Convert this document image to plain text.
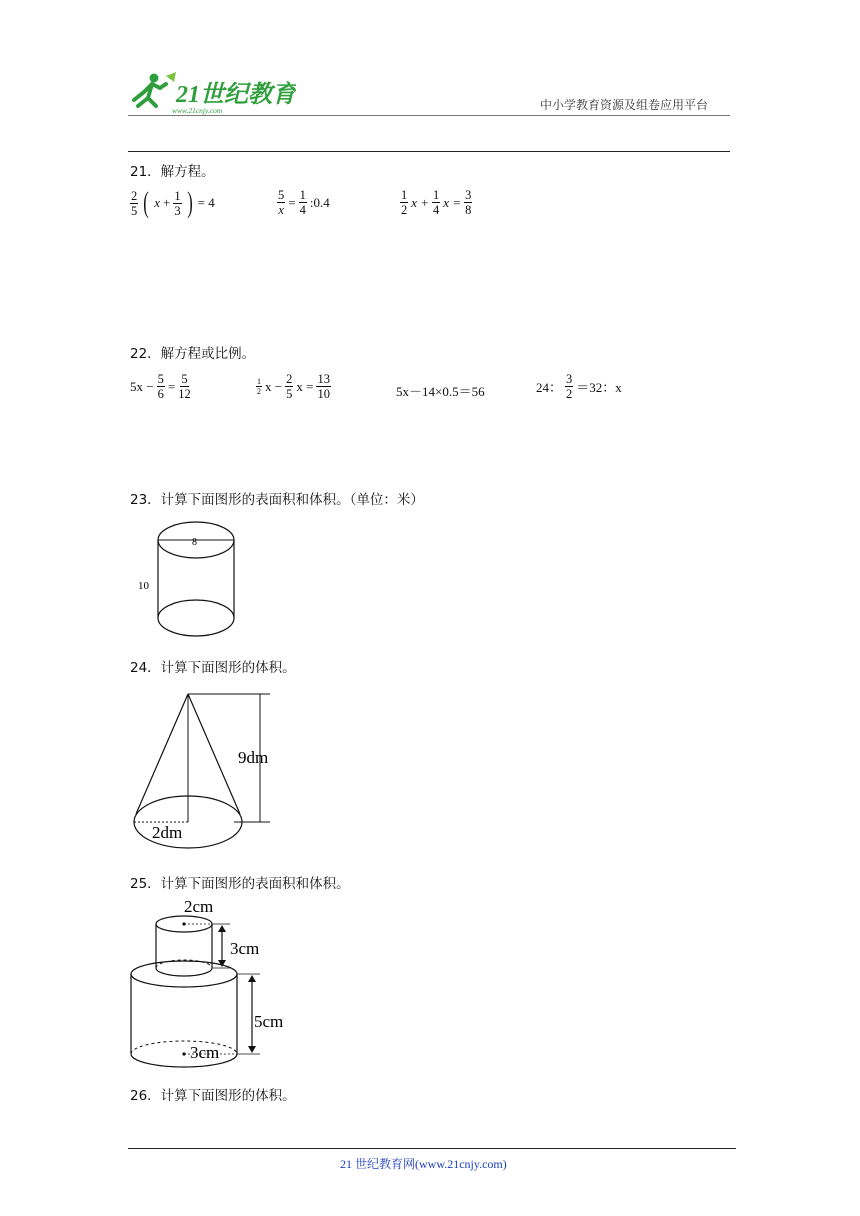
21世纪教育
www.21cnjy.com	中小学教育资源及组卷应用平台
21．解方程。
$\frac{2}{5}$ ( $x + \frac{1}{3}$ ) = 4	$\frac{5}{x} = \frac{1}{4}$ :0.4	$\frac{1}{2}$ $x + \frac{1}{4}$ $x = \frac{3}{8}$
22．解方程或比例。
$5x - \frac{5}{6} = \frac{5}{12}$	$\frac{1}{2}$ $x - \frac{2}{5}$ $x = \frac{13}{10}$	5x－14×0.5＝56	24： $\frac{3}{2} =32$：x
23．计算下面图形的表面积和体积。（单位：米）
8
10
24．计算下面图形的体积。
9dm
2dm
25．计算下面图形的表面积和体积。
2cm
3cm
5cm
3cm
26．计算下面图形的体积。
21 世纪教育网(www.21cnjy.com)
